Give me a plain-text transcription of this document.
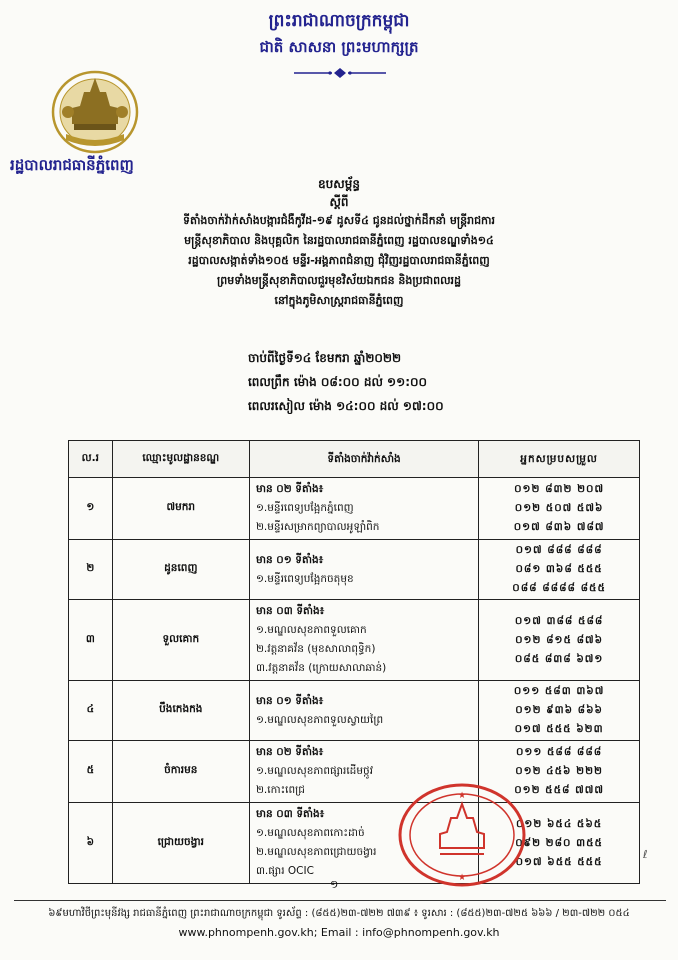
ព្រះរាជាណាចក្រកម្ពុជា
ជាតិ សាសនា ព្រះមហាក្សត្រ
រដ្ឋបាលរាជធានីភ្នំពេញ
ឧបសម្ព័ន្ធ
ស្តីពី
ទីតាំងចាក់វ៉ាក់សាំងបង្ការជំងឺកូវីដ-១៩ ដូសទី៤ ជូនដល់ថ្នាក់ដឹកនាំ មន្ត្រីរាជការ
មន្ត្រីសុខាភិបាល និងបុគ្គលិក នៃរដ្ឋបាលរាជធានីភ្នំពេញ រដ្ឋបាលខណ្ឌទាំង១៤
រដ្ឋបាលសង្កាត់ទាំង១០៥ មន្ទីរ-អង្គភាពជំនាញ ជុំវិញរដ្ឋបាលរាជធានីភ្នំពេញ
ព្រមទាំងមន្ត្រីសុខាភិបាលជួរមុខវិស័យឯកជន និងប្រជាពលរដ្ឋ
នៅក្នុងភូមិសាស្ត្ររាជធានីភ្នំពេញ
ចាប់ពីថ្ងៃទី១៤ ខែមករា ឆ្នាំ២០២២
ពេលព្រឹក ម៉ោង ០៨:០០ ដល់ ១១:០០
ពេលរសៀល ម៉ោង ១៤:០០ ដល់ ១៧:០០
ល.រ	ឈ្មោះមូលដ្ឋានខណ្ឌ	ទីតាំងចាក់វ៉ាក់សាំង	អ្នកសម្របសម្រួល
១	៧មករា	មាន ០២ ទីតាំង៖
១.មន្ទីរពេទ្យបង្អែកភ្នំពេញ
២.មន្ទីរសម្រាកព្យាបាលអូឡាំពិក	០១២ ៨៣២ ២០៧
០១២ ៥០៧ ៥៧៦
០១៧ ៨៣៦ ៧៨៧

២	ដូនពេញ	មាន ០១ ទីតាំង៖
១.មន្ទីរពេទ្យបង្អែកចតុមុខ	០១៧ ៨៨៨ ៨៨៨
០៨១ ៣៦៨ ៥៥៥
០៨៨ ៨៨៨៨ ៨៥៥

៣	ទួលគោក	មាន ០៣ ទីតាំង៖
១.មណ្ឌលសុខភាពទួលគោក
២.វត្តនាគវ័ន (មុខសាលាពុទ្ធិក)
៣.វត្តនាគវ័ន (ក្រោយសាលាឆាន់)	០១៧ ៣៨៨ ៥៨៨
០១២ ៨១៥ ៨៧៦
០៨៥ ៨៣៨ ៦៧១

៤	បឹងកេងកង	មាន ០១ ទីតាំង៖
១.មណ្ឌលសុខភាពទួលស្វាយព្រៃ	០១១ ៥៨៣ ៣៦៧
០១២ ៩៣៦ ៨៦៦
០១៧ ៥៥៥ ៦២៣

៥	ចំការមន	មាន ០២ ទីតាំង៖
១.មណ្ឌលសុខភាពផ្សារដើមថ្កូវ
២.កោះពេជ្រ	០១១ ៥៨៨ ៨៨៨
០១២ ៤៥៦ ២២២
០១២ ៥៥៨ ៧៧៧

៦	ជ្រោយចង្វារ	មាន ០៣ ទីតាំង៖
១.មណ្ឌលសុខភាពកោះដាច់
២.មណ្ឌលសុខភាពជ្រោយចង្វារ
៣.ផ្សារ OCIC	០១២ ៦៥៤ ៥៦៥
០៩២ ២៨០ ៣៥៥
០១៧ ៦៥៥ ៥៥៥
★
★
ℓ
១
៦៩មហាវិថីព្រះមុនីវង្ស រាជធានីភ្នំពេញ ព្រះរាជាណាចក្រកម្ពុជា ទូរស័ព្ទ : (៨៥៥)២៣-៧២២ ៧៣៩ ៖ ទូរសារ : (៨៥៥)២៣-៧២៥ ៦៦៦ / ២៣-៧២២ ០៥៤
www.phnompenh.gov.kh; Email : info@phnompenh.gov.kh
